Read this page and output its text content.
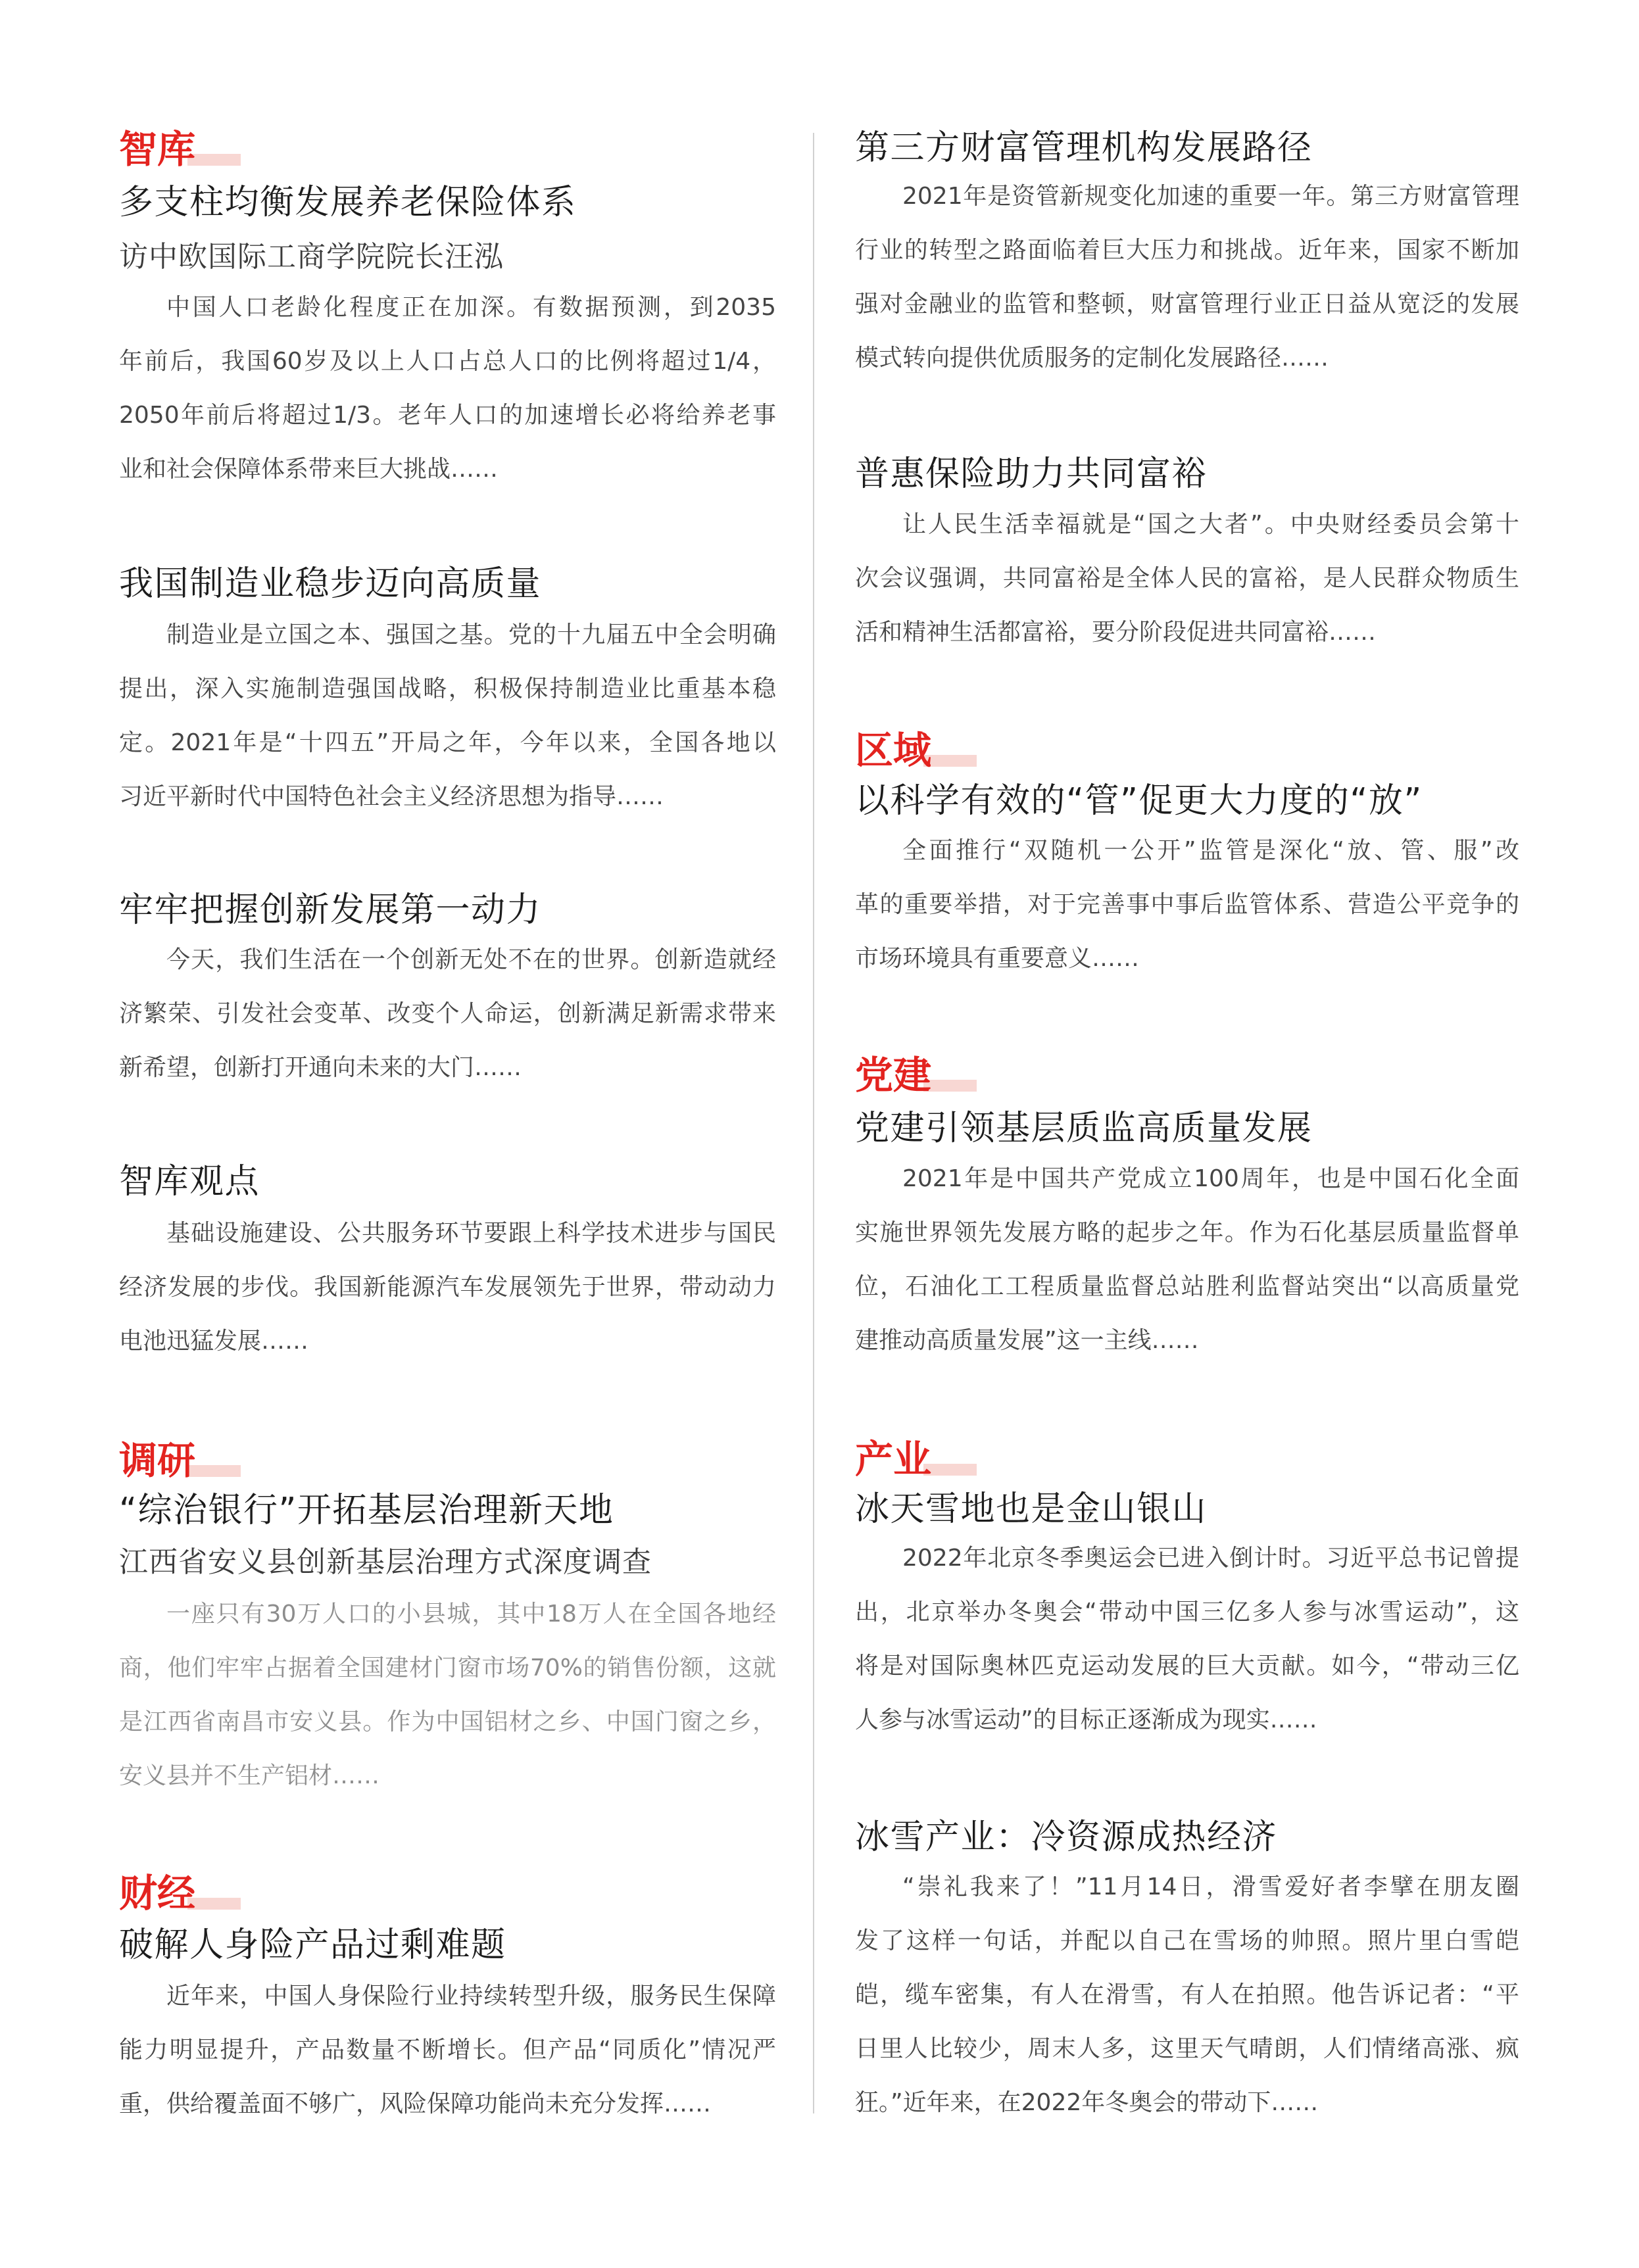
智库
多支柱均衡发展养老保险体系
访中欧国际工商学院院长汪泓
中国人口老龄化程度正在加深。有数据预测，到2035
年前后，我国60岁及以上人口占总人口的比例将超过1/4，
2050年前后将超过1/3。老年人口的加速增长必将给养老事
业和社会保障体系带来巨大挑战……
我国制造业稳步迈向高质量
制造业是立国之本、强国之基。党的十九届五中全会明确
提出，深入实施制造强国战略，积极保持制造业比重基本稳
定。2021年是“十四五”开局之年，今年以来，全国各地以
习近平新时代中国特色社会主义经济思想为指导……
牢牢把握创新发展第一动力
今天，我们生活在一个创新无处不在的世界。创新造就经
济繁荣、引发社会变革、改变个人命运，创新满足新需求带来
新希望，创新打开通向未来的大门……
智库观点
基础设施建设、公共服务环节要跟上科学技术进步与国民
经济发展的步伐。我国新能源汽车发展领先于世界，带动动力
电池迅猛发展……
调研
“综治银行”开拓基层治理新天地
江西省安义县创新基层治理方式深度调查
一座只有30万人口的小县城，其中18万人在全国各地经
商，他们牢牢占据着全国建材门窗市场70%的销售份额，这就
是江西省南昌市安义县。作为中国铝材之乡、中国门窗之乡，
安义县并不生产铝材……
财经
破解人身险产品过剩难题
近年来，中国人身保险行业持续转型升级，服务民生保障
能力明显提升，产品数量不断增长。但产品“同质化”情况严
重，供给覆盖面不够广，风险保障功能尚未充分发挥……
第三方财富管理机构发展路径
2021年是资管新规变化加速的重要一年。第三方财富管理
行业的转型之路面临着巨大压力和挑战。近年来，国家不断加
强对金融业的监管和整顿，财富管理行业正日益从宽泛的发展
模式转向提供优质服务的定制化发展路径……
普惠保险助力共同富裕
让人民生活幸福就是“国之大者”。中央财经委员会第十
次会议强调，共同富裕是全体人民的富裕，是人民群众物质生
活和精神生活都富裕，要分阶段促进共同富裕……
区域
以科学有效的“管”促更大力度的“放”
全面推行“双随机一公开”监管是深化“放、管、服”改
革的重要举措，对于完善事中事后监管体系、营造公平竞争的
市场环境具有重要意义……
党建
党建引领基层质监高质量发展
2021年是中国共产党成立100周年，也是中国石化全面
实施世界领先发展方略的起步之年。作为石化基层质量监督单
位，石油化工工程质量监督总站胜利监督站突出“以高质量党
建推动高质量发展”这一主线……
产业
冰天雪地也是金山银山
2022年北京冬季奥运会已进入倒计时。习近平总书记曾提
出，北京举办冬奥会“带动中国三亿多人参与冰雪运动”，这
将是对国际奥林匹克运动发展的巨大贡献。如今，“带动三亿
人参与冰雪运动”的目标正逐渐成为现实……
冰雪产业：冷资源成热经济
“崇礼我来了！”11月14日，滑雪爱好者李擘在朋友圈
发了这样一句话，并配以自己在雪场的帅照。照片里白雪皑
皑，缆车密集，有人在滑雪，有人在拍照。他告诉记者：“平
日里人比较少，周末人多，这里天气晴朗，人们情绪高涨、疯
狂。”近年来，在2022年冬奥会的带动下……
